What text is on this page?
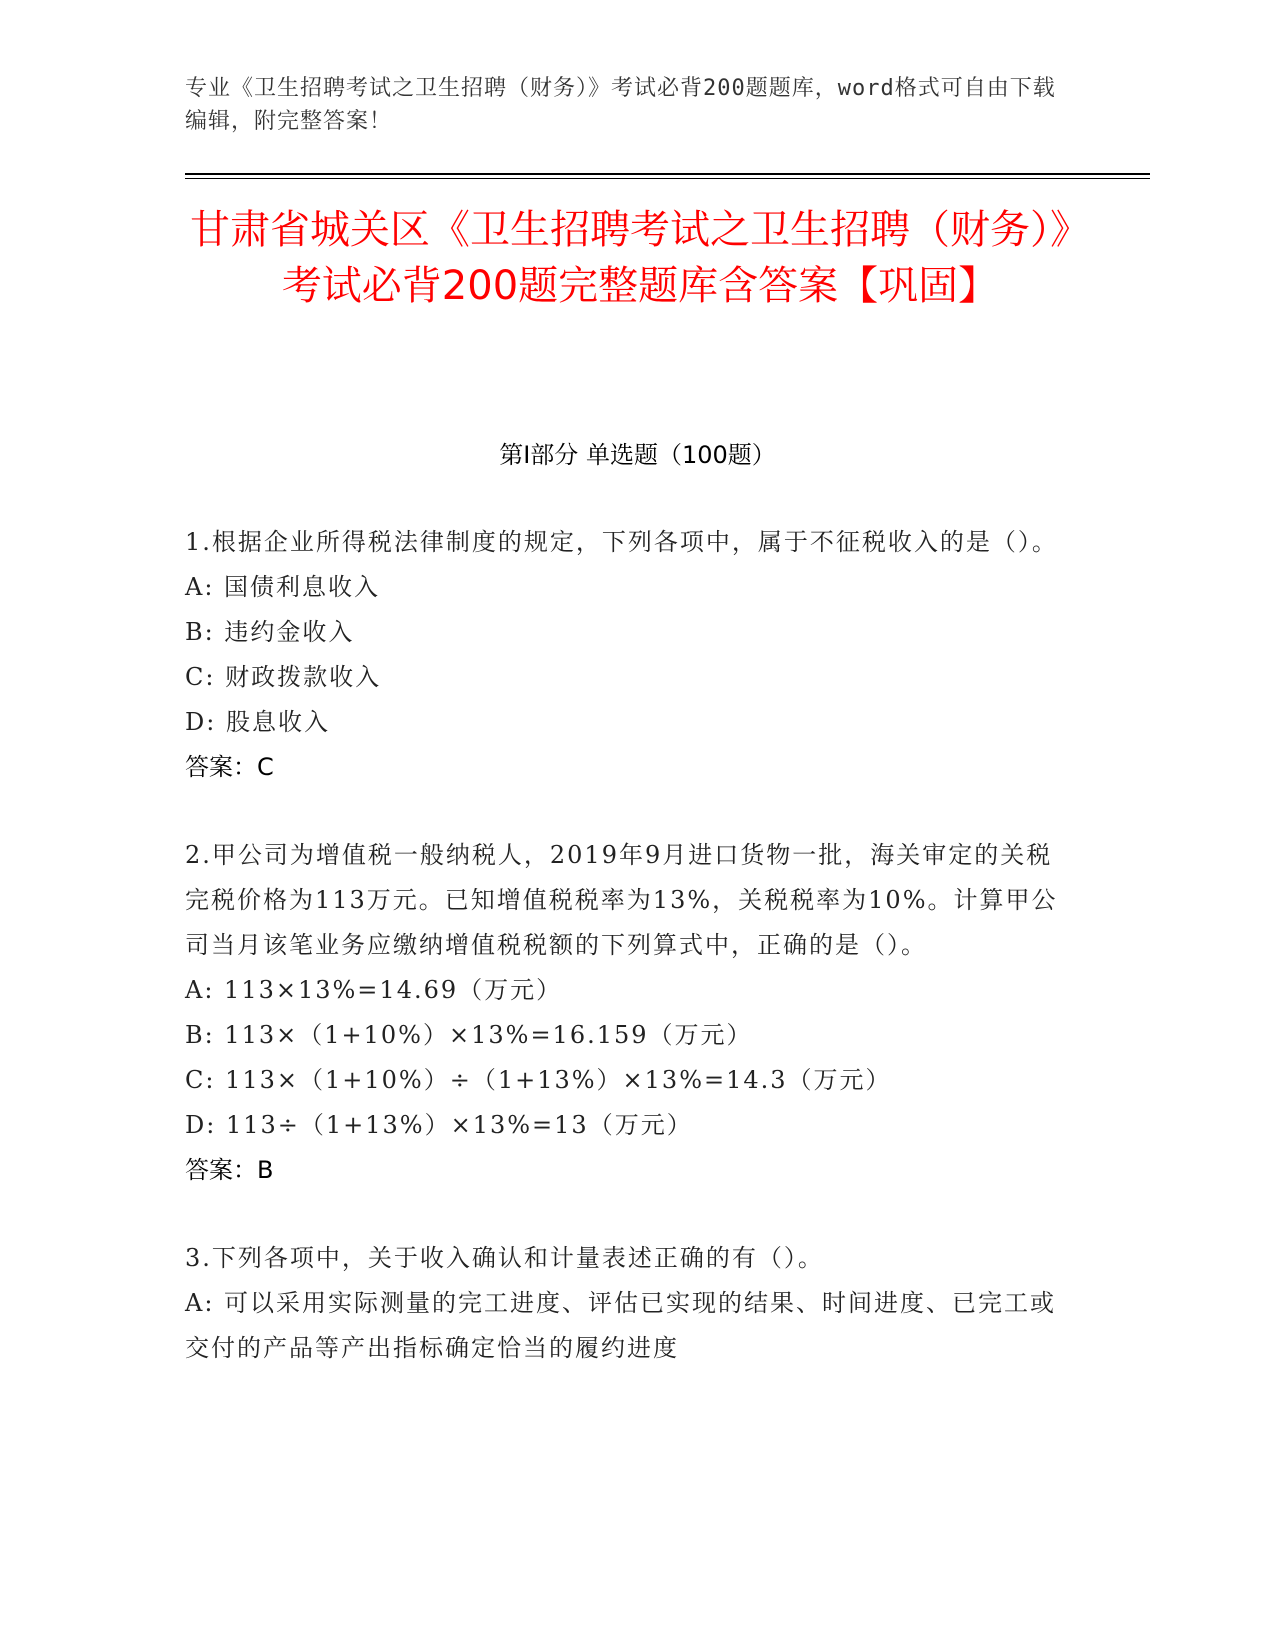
专业《卫生招聘考试之卫生招聘（财务）》考试必背200题题库，word格式可自由下载编辑，附完整答案！
甘肃省城关区《卫生招聘考试之卫生招聘（财务）》考试必背200题完整题库含答案【巩固】
第Ⅰ部分 单选题（100题）
1.根据企业所得税法律制度的规定，下列各项中，属于不征税收入的是（）。
A: 国债利息收入
B: 违约金收入
C: 财政拨款收入
D: 股息收入
答案：C
2.甲公司为增值税一般纳税人，2019年9月进口货物一批，海关审定的关税完税价格为113万元。已知增值税税率为13%，关税税率为10%。计算甲公司当月该笔业务应缴纳增值税税额的下列算式中，正确的是（）。
A: 113×13%=14.69（万元）
B: 113×（1+10%）×13%=16.159（万元）
C: 113×（1+10%）÷（1+13%）×13%=14.3（万元）
D: 113÷（1+13%）×13%=13（万元）
答案：B
3.下列各项中，关于收入确认和计量表述正确的有（）。
A: 可以采用实际测量的完工进度、评估已实现的结果、时间进度、已完工或交付的产品等产出指标确定恰当的履约进度
